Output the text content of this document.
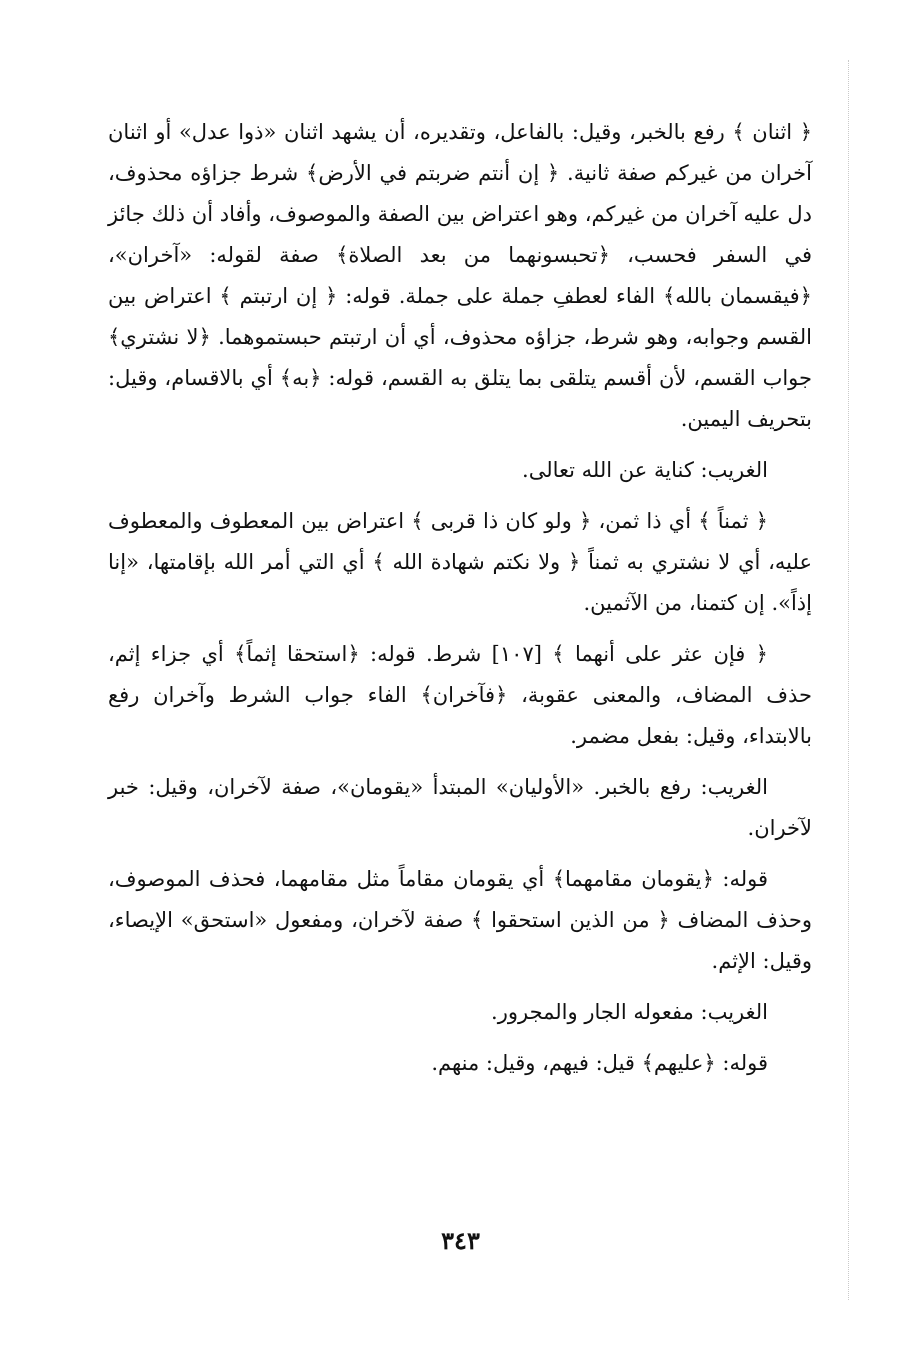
﴿ اثنان ﴾ رفع بالخبر، وقيل: بالفاعل، وتقديره، أن يشهد اثنان «ذوا عدل» أو اثنان آخران من غيركم صفة ثانية. ﴿ إن أنتم ضربتم في الأرض﴾ شرط جزاؤه محذوف، دل عليه آخران من غيركم، وهو اعتراض بين الصفة والموصوف، وأفاد أن ذلك جائز في السفر فحسب، ﴿تحبسونهما من بعد الصلاة﴾ صفة لقوله: «آخران»، ﴿فيقسمان بالله﴾ الفاء لعطفِ جملة على جملة. قوله: ﴿ إن ارتبتم ﴾ اعتراض بين القسم وجوابه، وهو شرط، جزاؤه محذوف، أي أن ارتبتم حبستموهما. ﴿لا نشتري﴾ جواب القسم، لأن أقسم يتلقى بما يتلق به القسم، قوله: ﴿به﴾ أي بالاقسام، وقيل: بتحريف اليمين.

الغريب: كناية عن الله تعالى.

﴿ ثمناً ﴾ أي ذا ثمن، ﴿ ولو كان ذا قربى ﴾ اعتراض بين المعطوف والمعطوف عليه، أي لا نشتري به ثمناً ﴿ ولا نكتم شهادة الله ﴾ أي التي أمر الله بإقامتها، «إنا إذاً». إن كتمنا، من الآثمين.

﴿ فإن عثر على أنهما ﴾ [١٠٧] شرط. قوله: ﴿استحقا إثماً﴾ أي جزاء إثم، حذف المضاف، والمعنى عقوبة، ﴿فآخران﴾ الفاء جواب الشرط وآخران رفع بالابتداء، وقيل: بفعل مضمر.

الغريب: رفع بالخبر. «الأوليان» المبتدأ «يقومان»، صفة لآخران، وقيل: خبر لآخران.

قوله: ﴿يقومان مقامهما﴾ أي يقومان مقاماً مثل مقامهما، فحذف الموصوف، وحذف المضاف ﴿ من الذين استحقوا ﴾ صفة لآخران، ومفعول «استحق» الإيصاء، وقيل: الإثم.

الغريب: مفعوله الجار والمجرور.

قوله: ﴿عليهم﴾ قيل: فيهم، وقيل: منهم.

٣٤٣
